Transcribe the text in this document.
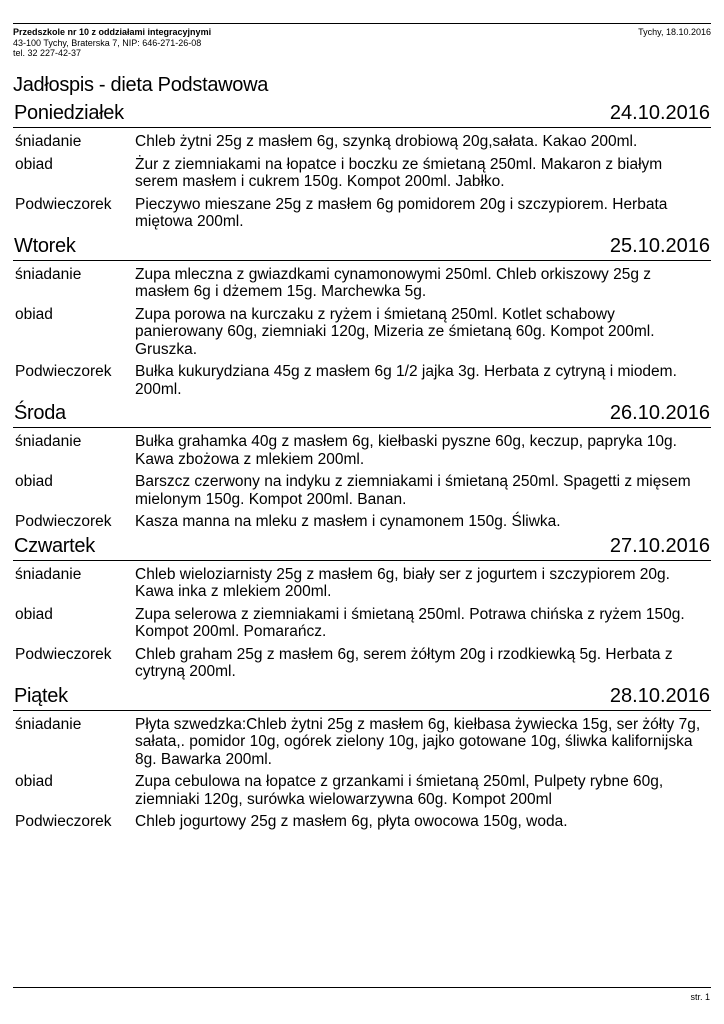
Przedszkole nr 10 z oddziałami integracyjnymi
43-100 Tychy, Braterska 7, NIP: 646-271-26-08
tel. 32 227-42-37
Tychy, 18.10.2016
Jadłospis - dieta Podstawowa
Poniedziałek	24.10.2016
śniadanie	Chleb żytni 25g z masłem 6g, szynką drobiową 20g,sałata. Kakao 200ml.
obiad	Żur z ziemniakami na łopatce i boczku ze śmietaną 250ml. Makaron z białym serem masłem i cukrem 150g. Kompot 200ml. Jabłko.
Podwieczorek	Pieczywo mieszane 25g z masłem 6g pomidorem 20g i szczypiorem. Herbata miętowa 200ml.
Wtorek	25.10.2016
śniadanie	Zupa mleczna z gwiazdkami cynamonowymi 250ml. Chleb orkiszowy 25g z masłem 6g i dżemem 15g. Marchewka 5g.
obiad	Zupa porowa na kurczaku z ryżem i śmietaną 250ml. Kotlet schabowy panierowany 60g, ziemniaki 120g, Mizeria ze śmietaną 60g. Kompot 200ml. Gruszka.
Podwieczorek	Bułka kukurydziana 45g z masłem 6g 1/2 jajka 3g. Herbata z cytryną i miodem. 200ml.
Środa	26.10.2016
śniadanie	Bułka grahamka 40g z masłem 6g, kiełbaski pyszne 60g, keczup, papryka 10g. Kawa zbożowa z mlekiem 200ml.
obiad	Barszcz czerwony na indyku z ziemniakami i śmietaną 250ml. Spagetti z mięsem mielonym 150g. Kompot 200ml. Banan.
Podwieczorek	Kasza manna na mleku z masłem i cynamonem 150g. Śliwka.
Czwartek	27.10.2016
śniadanie	Chleb wieloziarnisty 25g z masłem 6g, biały ser z jogurtem i szczypiorem 20g. Kawa inka z mlekiem 200ml.
obiad	Zupa selerowa z ziemniakami i śmietaną 250ml. Potrawa chińska z ryżem 150g. Kompot 200ml. Pomarańcz.
Podwieczorek	Chleb graham 25g z masłem 6g, serem żółtym 20g i rzodkiewką 5g. Herbata z cytryną 200ml.
Piątek	28.10.2016
śniadanie	Płyta szwedzka:Chleb żytni 25g z masłem 6g, kiełbasa żywiecka 15g, ser żółty 7g, sałata,. pomidor 10g, ogórek zielony 10g, jajko gotowane 10g, śliwka kalifornijska 8g. Bawarka 200ml.
obiad	Zupa cebulowa na łopatce z grzankami i śmietaną 250ml, Pulpety rybne 60g, ziemniaki 120g, surówka wielowarzywna 60g. Kompot 200ml
Podwieczorek	Chleb jogurtowy 25g z masłem 6g, płyta owocowa 150g, woda.
str. 1
